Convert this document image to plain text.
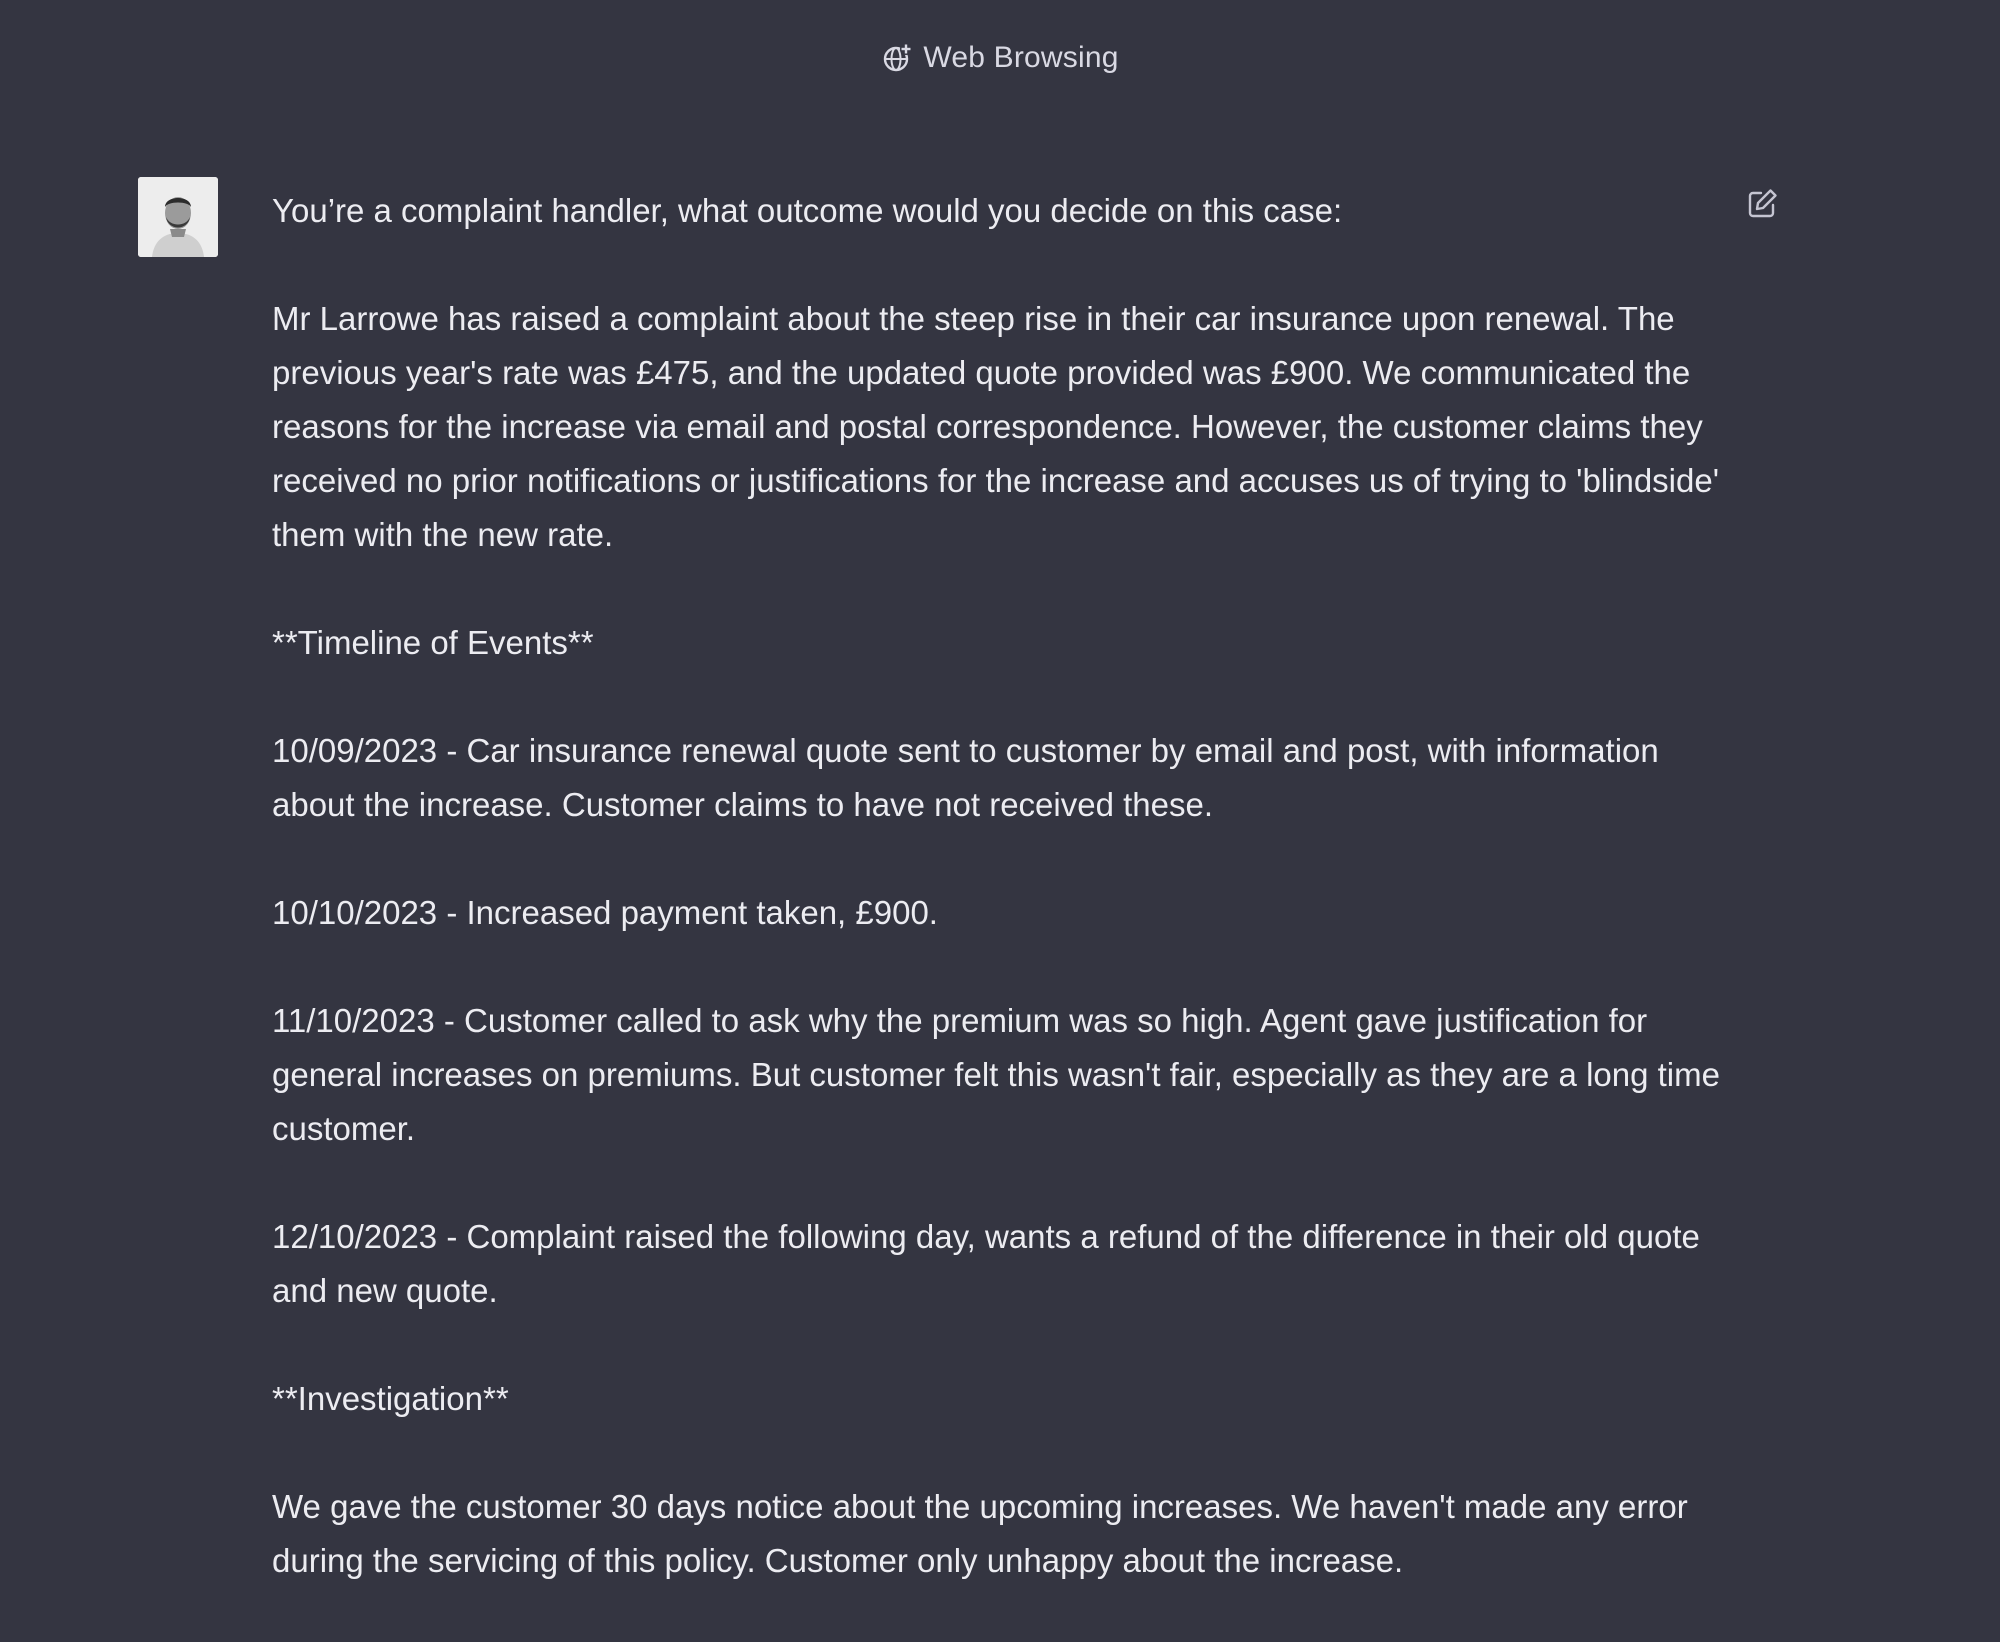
Web Browsing

You’re a complaint handler, what outcome would you decide on this case:

Mr Larrowe has raised a complaint about the steep rise in their car insurance upon renewal. The previous year's rate was £475, and the updated quote provided was £900. We communicated the reasons for the increase via email and postal correspondence. However, the customer claims they received no prior notifications or justifications for the increase and accuses us of trying to 'blindside' them with the new rate.

**Timeline of Events**

10/09/2023 - Car insurance renewal quote sent to customer by email and post, with information about the increase. Customer claims to have not received these.

10/10/2023 - Increased payment taken, £900.

11/10/2023 - Customer called to ask why the premium was so high. Agent gave justification for general increases on premiums. But customer felt this wasn't fair, especially as they are a long time customer.

12/10/2023 - Complaint raised the following day, wants a refund of the difference in their old quote and new quote.

**Investigation**

We gave the customer 30 days notice about the upcoming increases. We haven't made any error during the servicing of this policy. Customer only unhappy about the increase.
